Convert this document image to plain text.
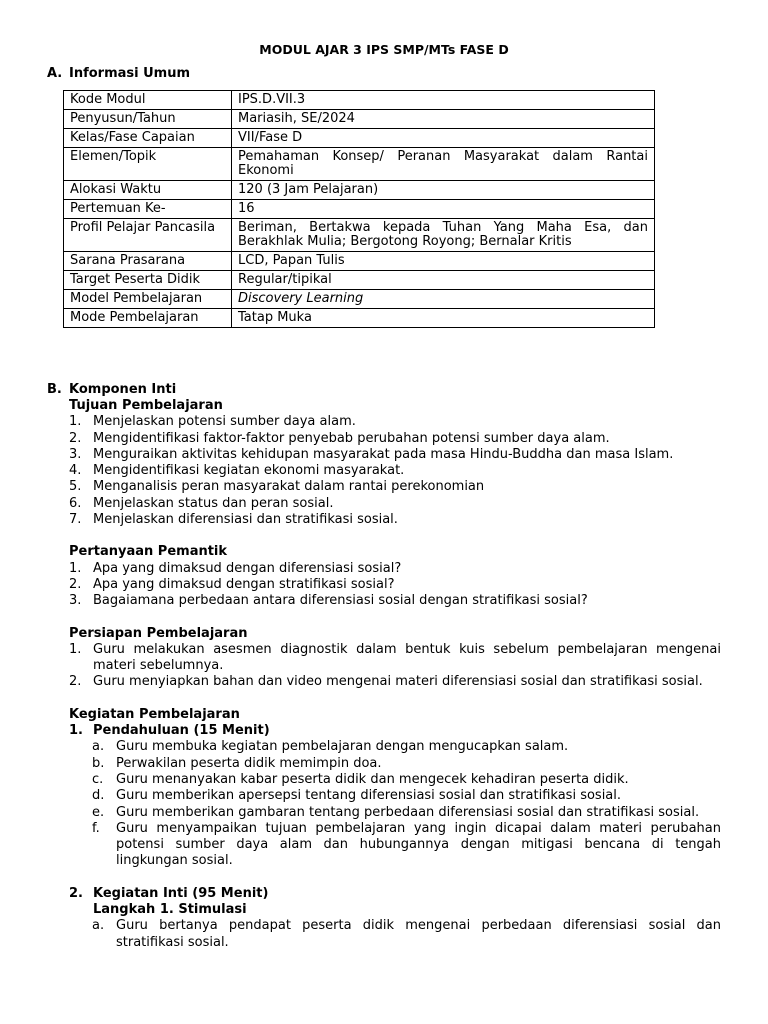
MODUL AJAR 3 IPS SMP/MTs FASE D
A. Informasi Umum
Kode Modul	IPS.D.VII.3
Penyusun/Tahun	Mariasih, SE/2024
Kelas/Fase Capaian	VII/Fase D
Elemen/Topik	Pemahaman Konsep/ Peranan Masyarakat dalam Rantai Ekonomi
Alokasi Waktu	120 (3 Jam Pelajaran)
Pertemuan Ke-	16
Profil Pelajar Pancasila	Beriman, Bertakwa kepada Tuhan Yang Maha Esa, dan Berakhlak Mulia; Bergotong Royong; Bernalar Kritis
Sarana Prasarana	LCD, Papan Tulis
Target Peserta Didik	Regular/tipikal
Model Pembelajaran	Discovery Learning
Mode Pembelajaran	Tatap Muka
B. Komponen Inti
Tujuan Pembelajaran
1. Menjelaskan potensi sumber daya alam.
2. Mengidentifikasi faktor-faktor penyebab perubahan potensi sumber daya alam.
3. Menguraikan aktivitas kehidupan masyarakat pada masa Hindu-Buddha dan masa Islam.
4. Mengidentifikasi kegiatan ekonomi masyarakat.
5. Menganalisis peran masyarakat dalam rantai perekonomian
6. Menjelaskan status dan peran sosial.
7. Menjelaskan diferensiasi dan stratifikasi sosial.
Pertanyaan Pemantik
1. Apa yang dimaksud dengan diferensiasi sosial?
2. Apa yang dimaksud dengan stratifikasi sosial?
3. Bagaiamana perbedaan antara diferensiasi sosial dengan stratifikasi sosial?
Persiapan Pembelajaran
1. Guru melakukan asesmen diagnostik dalam bentuk kuis sebelum pembelajaran mengenai materi sebelumnya.
2. Guru menyiapkan bahan dan video mengenai materi diferensiasi sosial dan stratifikasi sosial.
Kegiatan Pembelajaran
1. Pendahuluan (15 Menit)
a. Guru membuka kegiatan pembelajaran dengan mengucapkan salam.
b. Perwakilan peserta didik memimpin doa.
c. Guru menanyakan kabar peserta didik dan mengecek kehadiran peserta didik.
d. Guru memberikan apersepsi tentang diferensiasi sosial dan stratifikasi sosial.
e. Guru memberikan gambaran tentang perbedaan diferensiasi sosial dan stratifikasi sosial.
f. Guru menyampaikan tujuan pembelajaran yang ingin dicapai dalam materi perubahan potensi sumber daya alam dan hubungannya dengan mitigasi bencana di tengah lingkungan sosial.
2. Kegiatan Inti (95 Menit)
Langkah 1. Stimulasi
a. Guru bertanya pendapat peserta didik mengenai perbedaan diferensiasi sosial dan stratifikasi sosial.
